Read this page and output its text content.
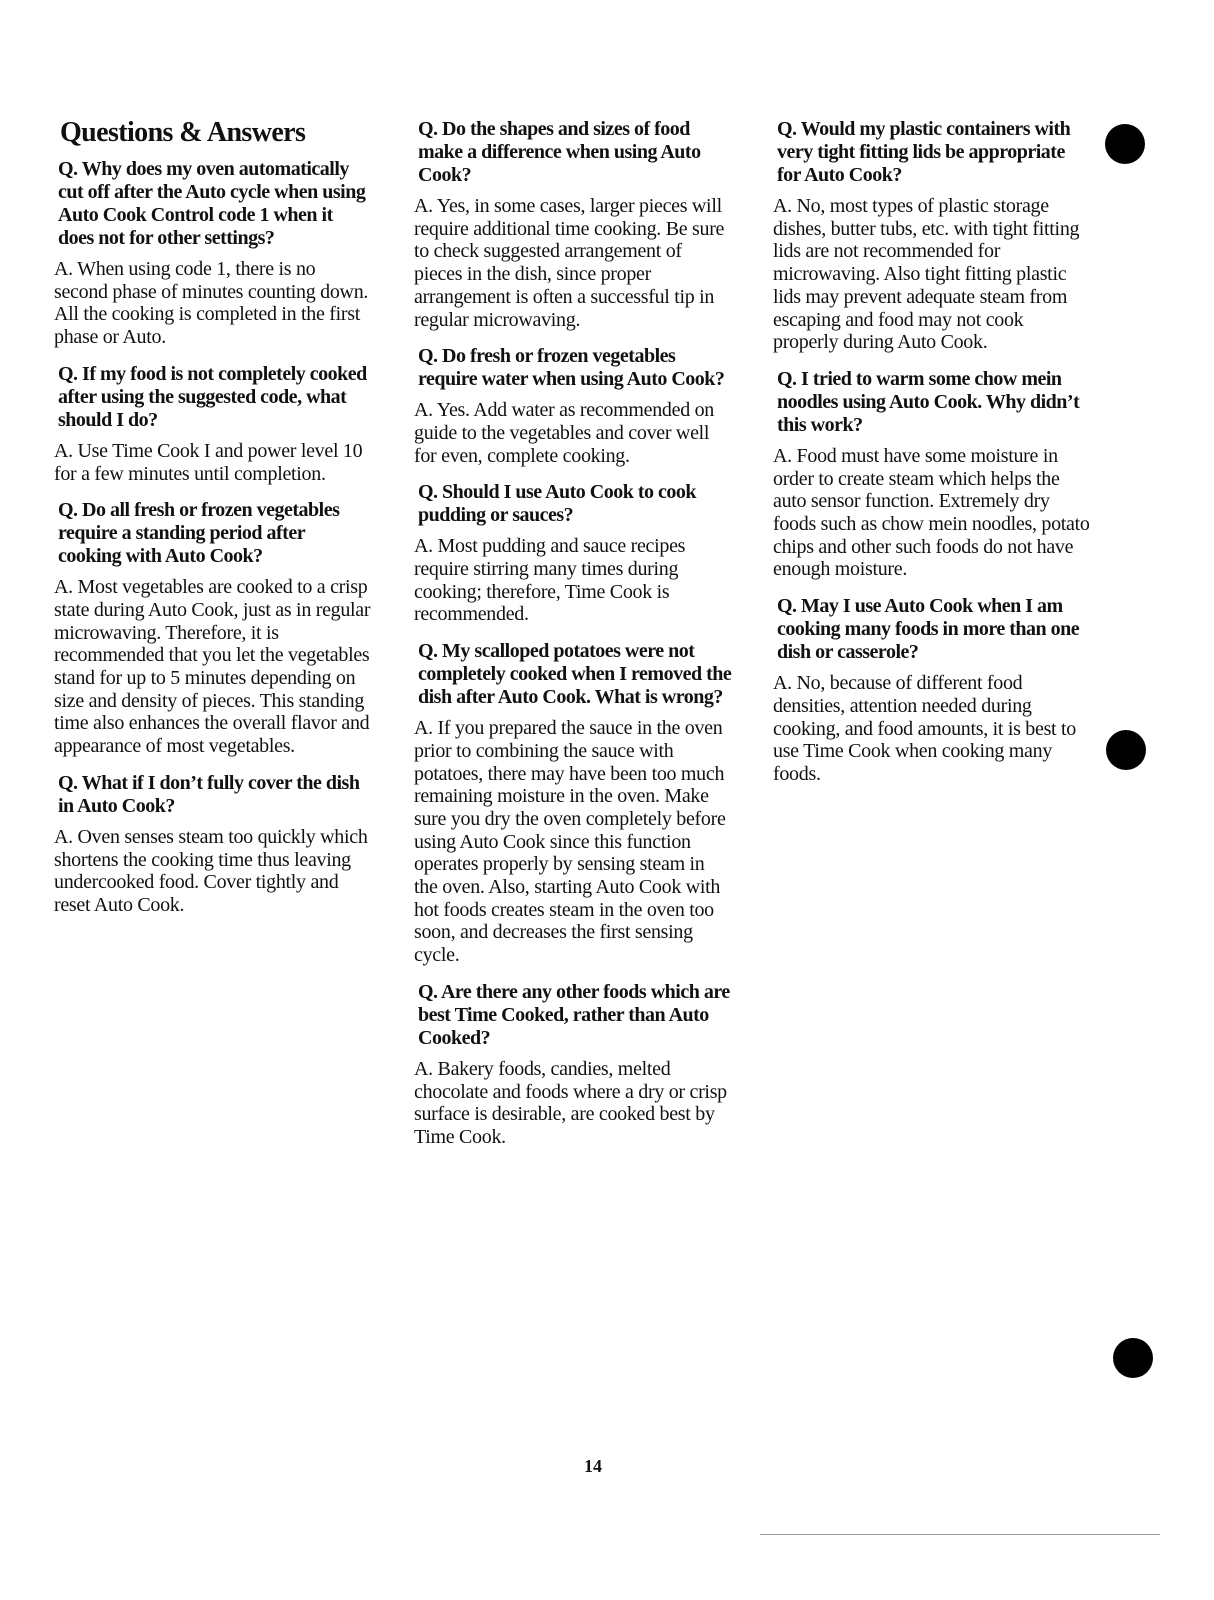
Questions & Answers

Q. Why does my oven automatically cut off after the Auto cycle when using Auto Cook Control code 1 when it does not for other settings?

A. When using code 1, there is no second phase of minutes counting down. All the cooking is completed in the first phase or Auto.

Q. If my food is not completely cooked after using the suggested code, what should I do?

A. Use Time Cook I and power level 10 for a few minutes until completion.

Q. Do all fresh or frozen vegetables require a standing period after cooking with Auto Cook?

A. Most vegetables are cooked to a crisp state during Auto Cook, just as in regular microwaving. Therefore, it is recommended that you let the vegetables stand for up to 5 minutes depending on size and density of pieces. This standing time also enhances the overall flavor and appearance of most vegetables.

Q. What if I don’t fully cover the dish in Auto Cook?

A. Oven senses steam too quickly which shortens the cooking time thus leaving undercooked food. Cover tightly and reset Auto Cook.

Q. Do the shapes and sizes of food make a difference when using Auto Cook?

A. Yes, in some cases, larger pieces will require additional time cooking. Be sure to check suggested arrangement of pieces in the dish, since proper arrangement is often a successful tip in regular microwaving.

Q. Do fresh or frozen vegetables require water when using Auto Cook?

A. Yes. Add water as recommended on guide to the vegetables and cover well for even, complete cooking.

Q. Should I use Auto Cook to cook pudding or sauces?

A. Most pudding and sauce recipes require stirring many times during cooking; therefore, Time Cook is recommended.

Q. My scalloped potatoes were not completely cooked when I removed the dish after Auto Cook. What is wrong?

A. If you prepared the sauce in the oven prior to combining the sauce with potatoes, there may have been too much remaining moisture in the oven. Make sure you dry the oven completely before using Auto Cook since this function operates properly by sensing steam in the oven. Also, starting Auto Cook with hot foods creates steam in the oven too soon, and decreases the first sensing cycle.

Q. Are there any other foods which are best Time Cooked, rather than Auto Cooked?

A. Bakery foods, candies, melted chocolate and foods where a dry or crisp surface is desirable, are cooked best by Time Cook.

Q. Would my plastic containers with very tight fitting lids be appropriate for Auto Cook?

A. No, most types of plastic storage dishes, butter tubs, etc. with tight fitting lids are not recommended for microwaving. Also tight fitting plastic lids may prevent adequate steam from escaping and food may not cook properly during Auto Cook.

Q. I tried to warm some chow mein noodles using Auto Cook. Why didn’t this work?

A. Food must have some moisture in order to create steam which helps the auto sensor function. Extremely dry foods such as chow mein noodles, potato chips and other such foods do not have enough moisture.

Q. May I use Auto Cook when I am cooking many foods in more than one dish or casserole?

A. No, because of different food densities, attention needed during cooking, and food amounts, it is best to use Time Cook when cooking many foods.

14
